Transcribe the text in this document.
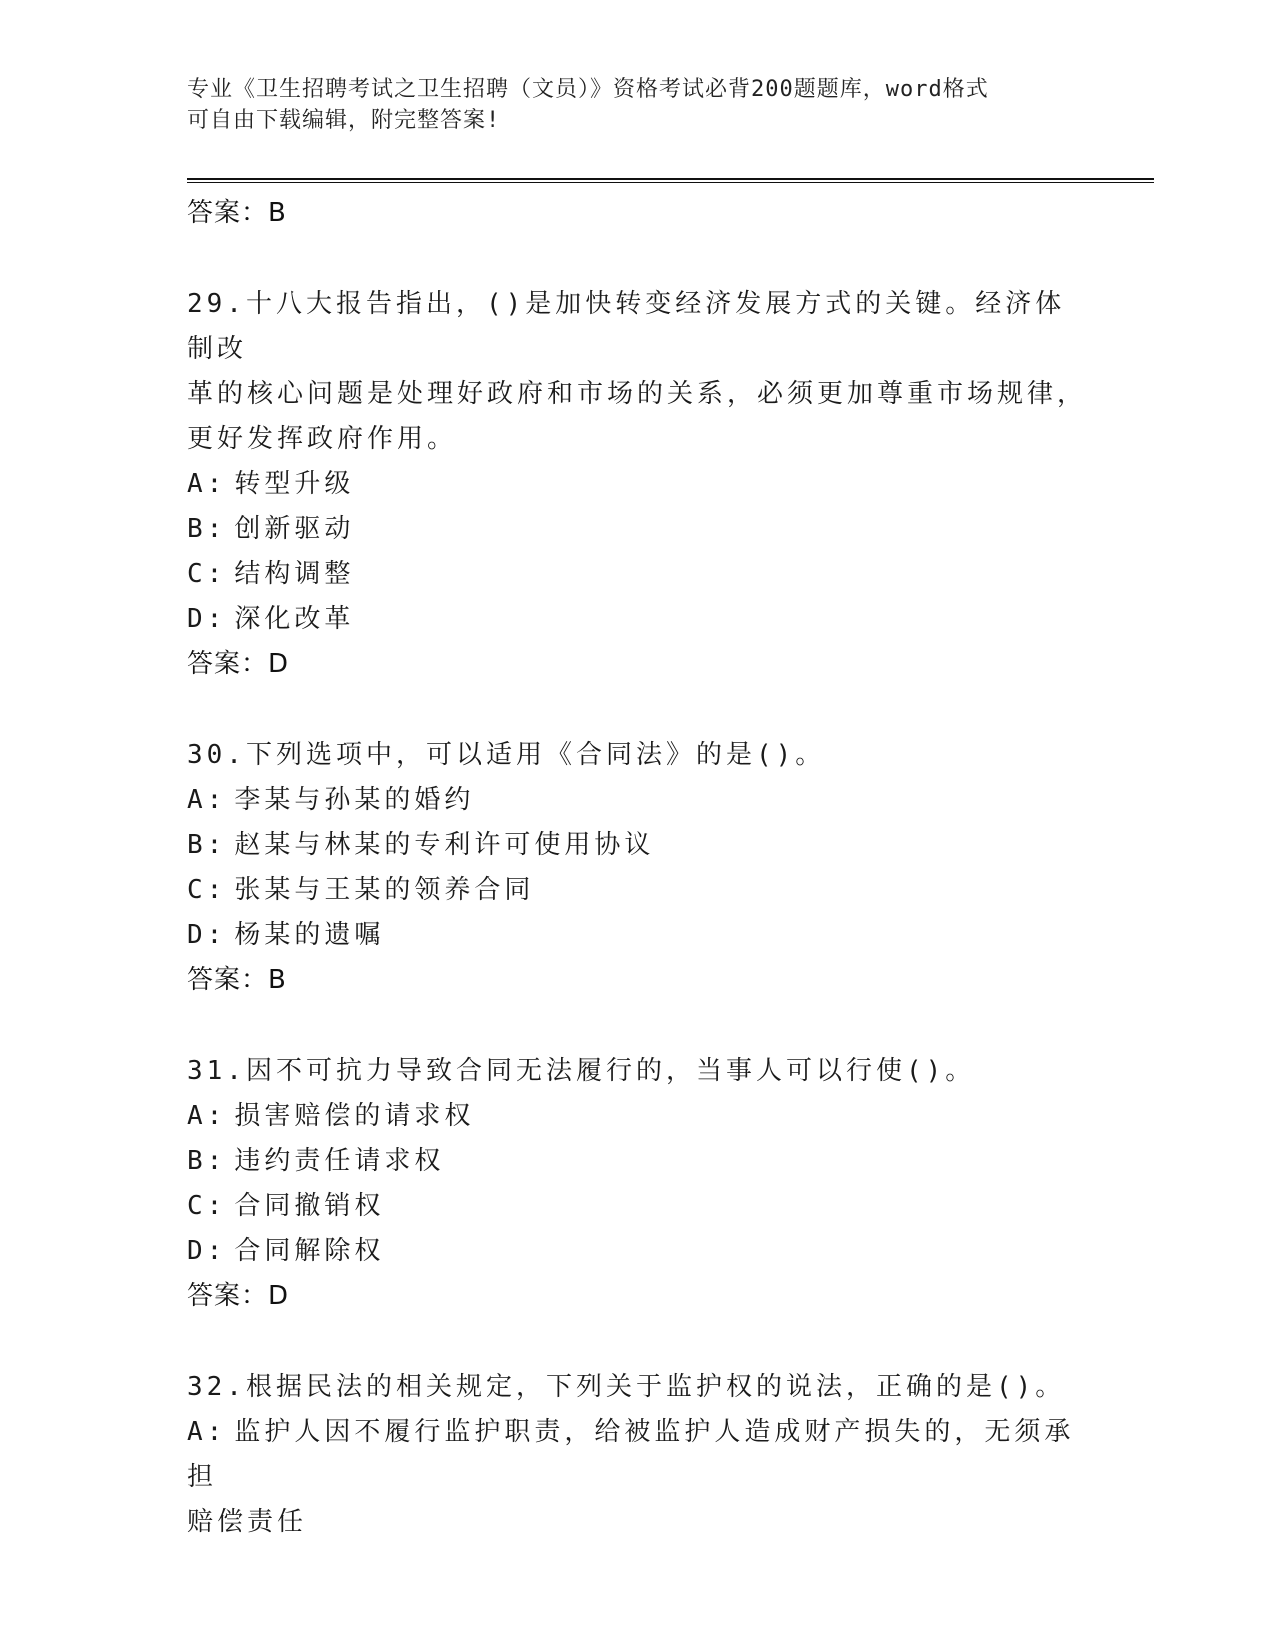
专业《卫生招聘考试之卫生招聘（文员）》资格考试必背200题题库，word格式
可自由下载编辑，附完整答案!
答案：B
29.十八大报告指出，()是加快转变经济发展方式的关键。经济体制改
革的核心问题是处理好政府和市场的关系，必须更加尊重市场规律，
更好发挥政府作用。
A: 转型升级
B: 创新驱动
C: 结构调整
D: 深化改革
答案：D
30.下列选项中，可以适用《合同法》的是()。
A: 李某与孙某的婚约
B: 赵某与林某的专利许可使用协议
C: 张某与王某的领养合同
D: 杨某的遗嘱
答案：B
31.因不可抗力导致合同无法履行的，当事人可以行使()。
A: 损害赔偿的请求权
B: 违约责任请求权
C: 合同撤销权
D: 合同解除权
答案：D
32.根据民法的相关规定，下列关于监护权的说法，正确的是()。
A: 监护人因不履行监护职责，给被监护人造成财产损失的，无须承担
赔偿责任
